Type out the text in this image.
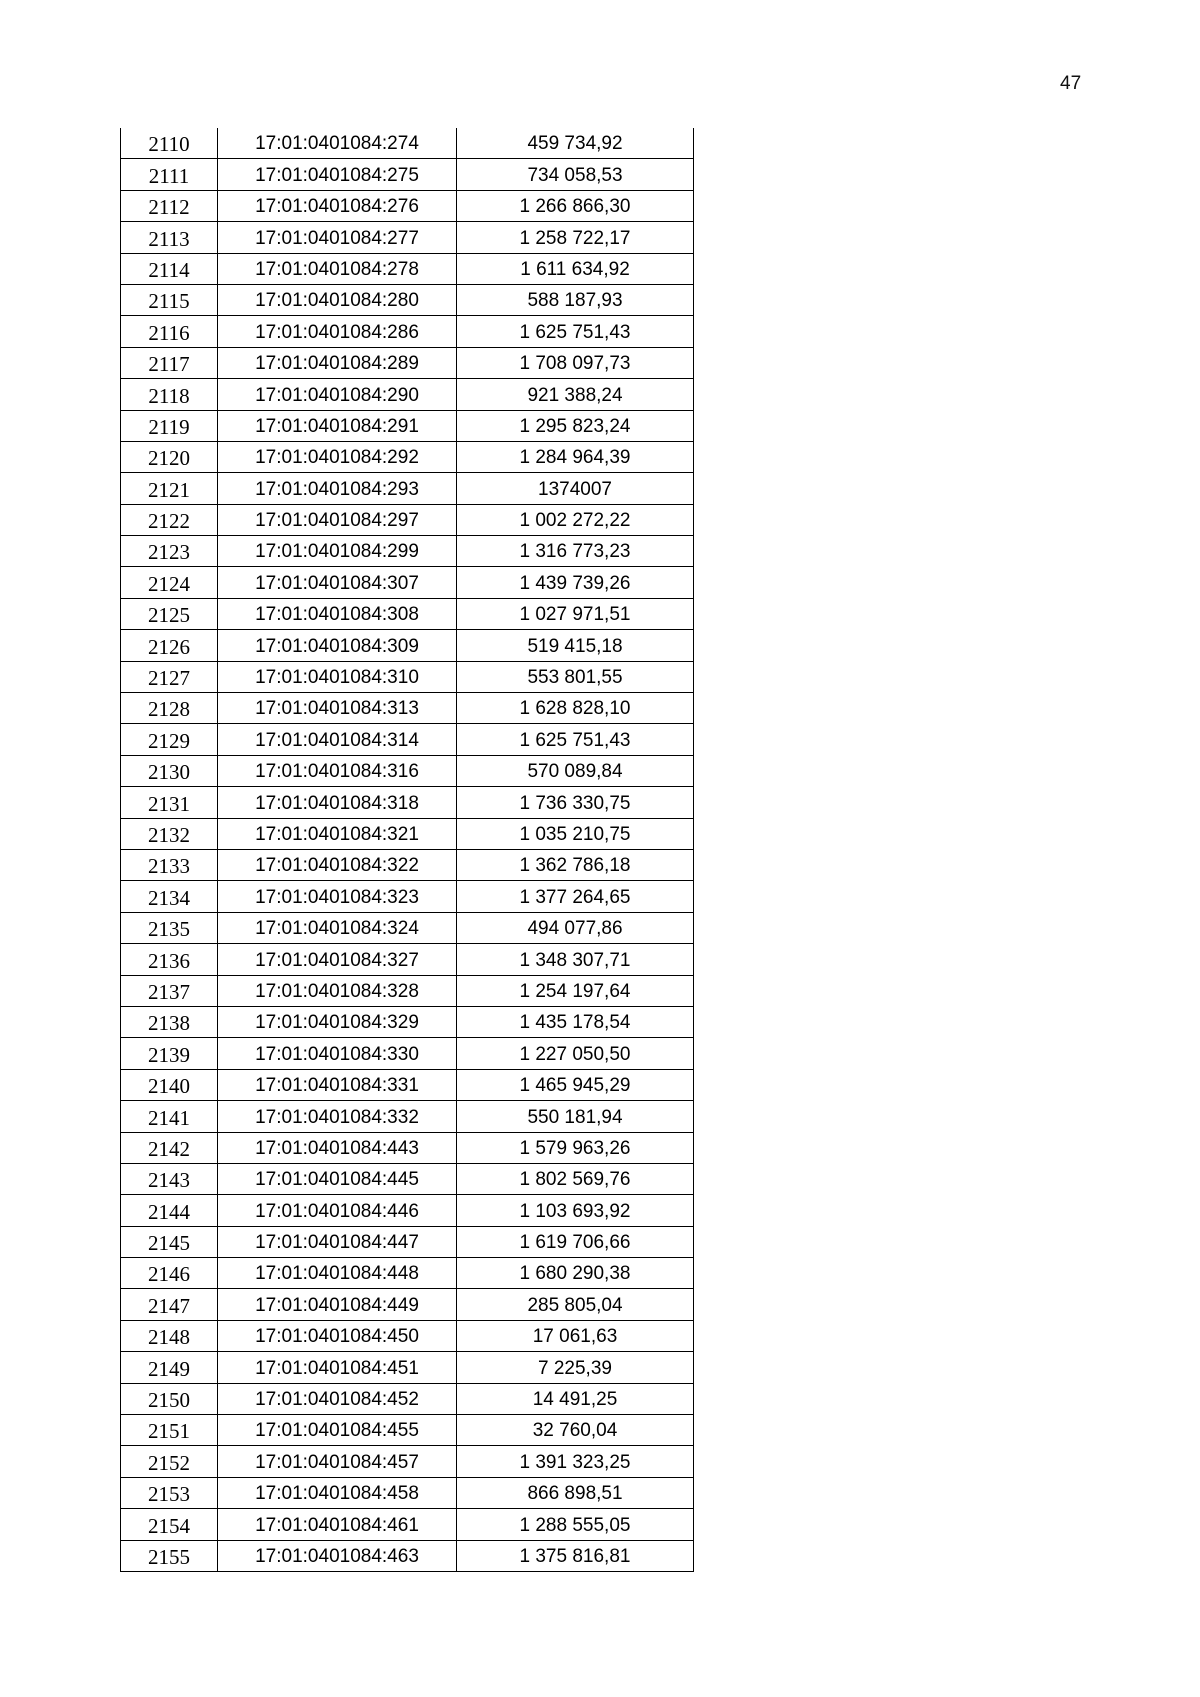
47
2110	17:01:0401084:274	459 734,92
2111	17:01:0401084:275	734 058,53
2112	17:01:0401084:276	1 266 866,30
2113	17:01:0401084:277	1 258 722,17
2114	17:01:0401084:278	1 611 634,92
2115	17:01:0401084:280	588 187,93
2116	17:01:0401084:286	1 625 751,43
2117	17:01:0401084:289	1 708 097,73
2118	17:01:0401084:290	921 388,24
2119	17:01:0401084:291	1 295 823,24
2120	17:01:0401084:292	1 284 964,39
2121	17:01:0401084:293	1374007
2122	17:01:0401084:297	1 002 272,22
2123	17:01:0401084:299	1 316 773,23
2124	17:01:0401084:307	1 439 739,26
2125	17:01:0401084:308	1 027 971,51
2126	17:01:0401084:309	519 415,18
2127	17:01:0401084:310	553 801,55
2128	17:01:0401084:313	1 628 828,10
2129	17:01:0401084:314	1 625 751,43
2130	17:01:0401084:316	570 089,84
2131	17:01:0401084:318	1 736 330,75
2132	17:01:0401084:321	1 035 210,75
2133	17:01:0401084:322	1 362 786,18
2134	17:01:0401084:323	1 377 264,65
2135	17:01:0401084:324	494 077,86
2136	17:01:0401084:327	1 348 307,71
2137	17:01:0401084:328	1 254 197,64
2138	17:01:0401084:329	1 435 178,54
2139	17:01:0401084:330	1 227 050,50
2140	17:01:0401084:331	1 465 945,29
2141	17:01:0401084:332	550 181,94
2142	17:01:0401084:443	1 579 963,26
2143	17:01:0401084:445	1 802 569,76
2144	17:01:0401084:446	1 103 693,92
2145	17:01:0401084:447	1 619 706,66
2146	17:01:0401084:448	1 680 290,38
2147	17:01:0401084:449	285 805,04
2148	17:01:0401084:450	17 061,63
2149	17:01:0401084:451	7 225,39
2150	17:01:0401084:452	14 491,25
2151	17:01:0401084:455	32 760,04
2152	17:01:0401084:457	1 391 323,25
2153	17:01:0401084:458	866 898,51
2154	17:01:0401084:461	1 288 555,05
2155	17:01:0401084:463	1 375 816,81
